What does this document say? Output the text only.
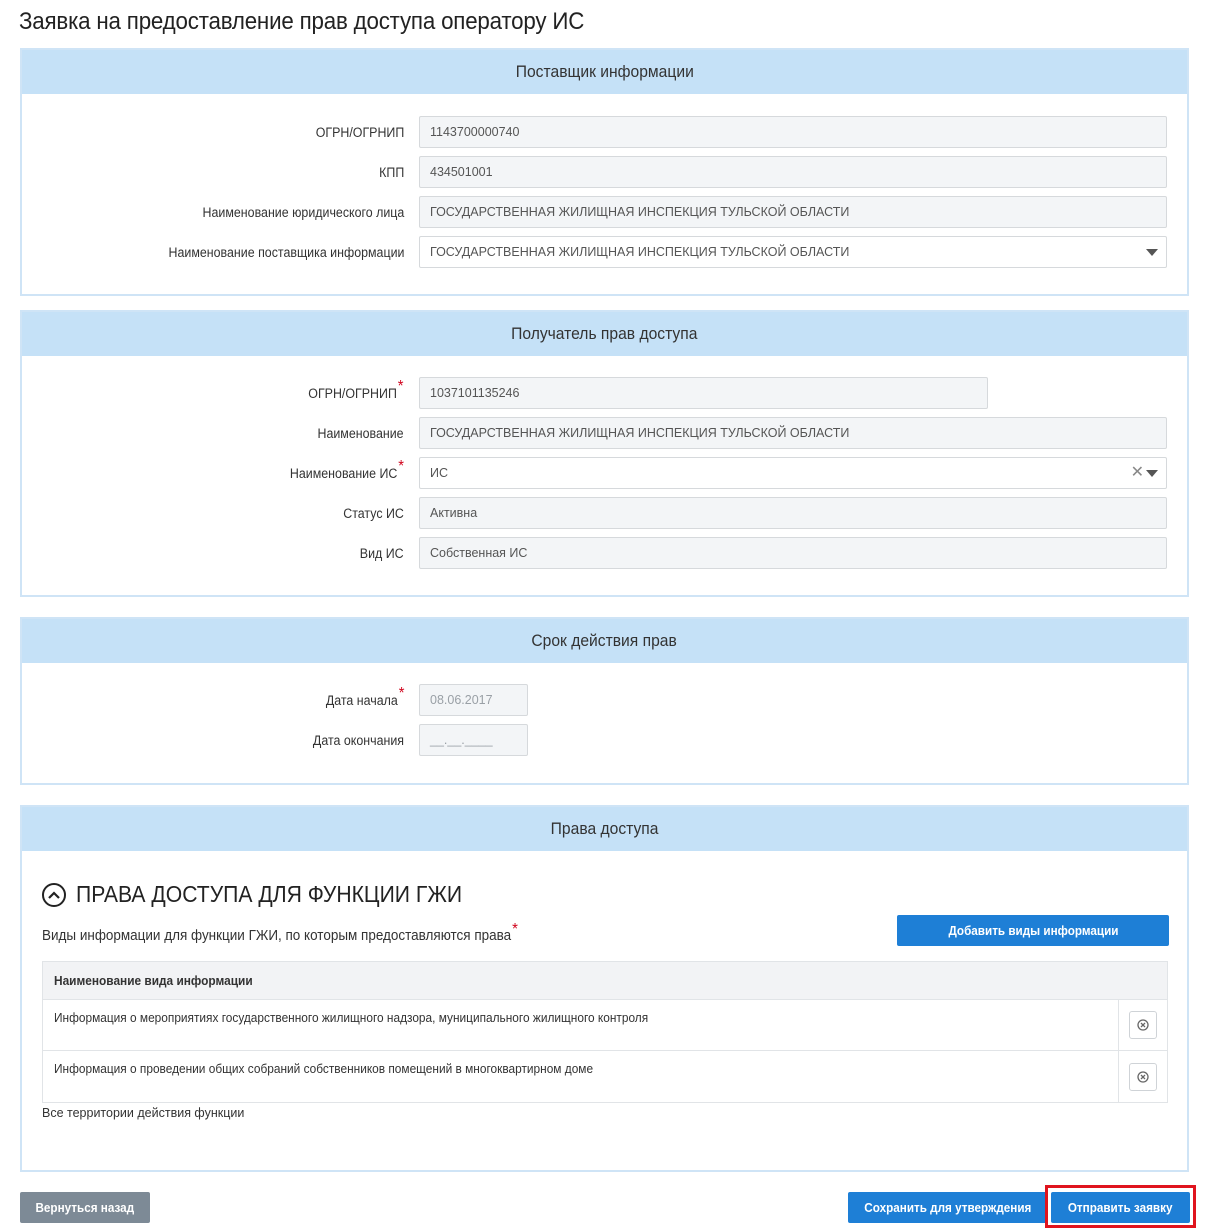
Заявка на предоставление прав доступа оператору ИС
Поставщик информации
ОГРН/ОГРНИП 1143700000740
КПП 434501001
Наименование юридического лица ГОСУДАРСТВЕННАЯ ЖИЛИЩНАЯ ИНСПЕКЦИЯ ТУЛЬСКОЙ ОБЛАСТИ
Наименование поставщика информации ГОСУДАРСТВЕННАЯ ЖИЛИЩНАЯ ИНСПЕКЦИЯ ТУЛЬСКОЙ ОБЛАСТИ
Получатель прав доступа
ОГРН/ОГРНИП * 1037101135246
Наименование ГОСУДАРСТВЕННАЯ ЖИЛИЩНАЯ ИНСПЕКЦИЯ ТУЛЬСКОЙ ОБЛАСТИ
Наименование ИС * ИС	✕
Статус ИС Активна
Вид ИС Собственная ИС
Срок действия прав
Дата начала * 08.06.2017
Дата окончания __.__.____
Права доступа
ПРАВА ДОСТУПА ДЛЯ ФУНКЦИИ ГЖИ
Виды информации для функции ГЖИ, по которым предоставляются права*	Добавить виды информации
Наименование вида информации
Информация о мероприятиях государственного жилищного надзора, муниципального жилищного контроля
Информация о проведении общих собраний собственников помещений в многоквартирном доме
Все территории действия функции
Вернуться назад	Сохранить для утверждения	Отправить заявку
